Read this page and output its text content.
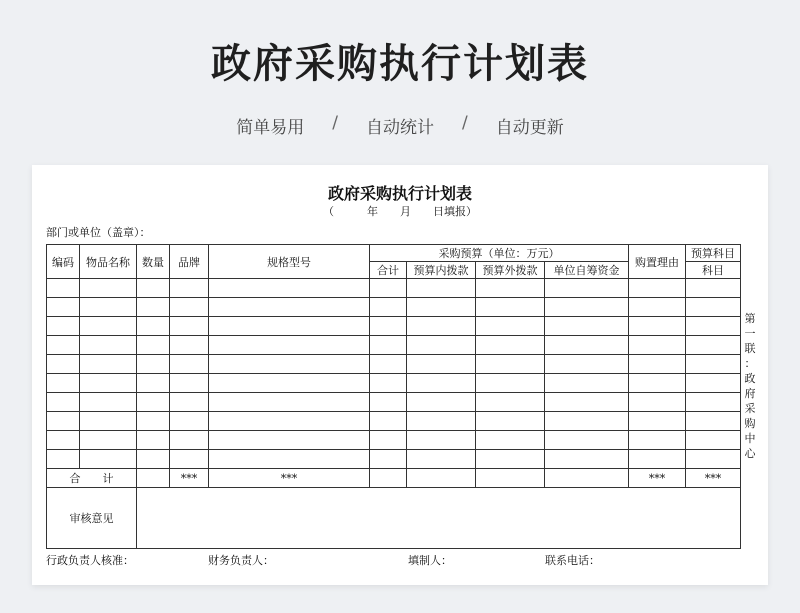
政府采购执行计划表
简单易用 / 自动统计 / 自动更新
政府采购执行计划表
（　　　年　　月　　日填报）
部门或单位（盖章）：
编码	物品名称	数量	品牌	规格型号	采购预算（单位：万元）				购置理由	预算科目
					合计	预算内拨款	预算外拨款	单位自筹资金		科目

合　　计			***	***					***	***
审核意见										
第
一
联
：
政
府
采
购
中
心
行政负责人核准：	财务负责人：	填制人：	联系电话：
